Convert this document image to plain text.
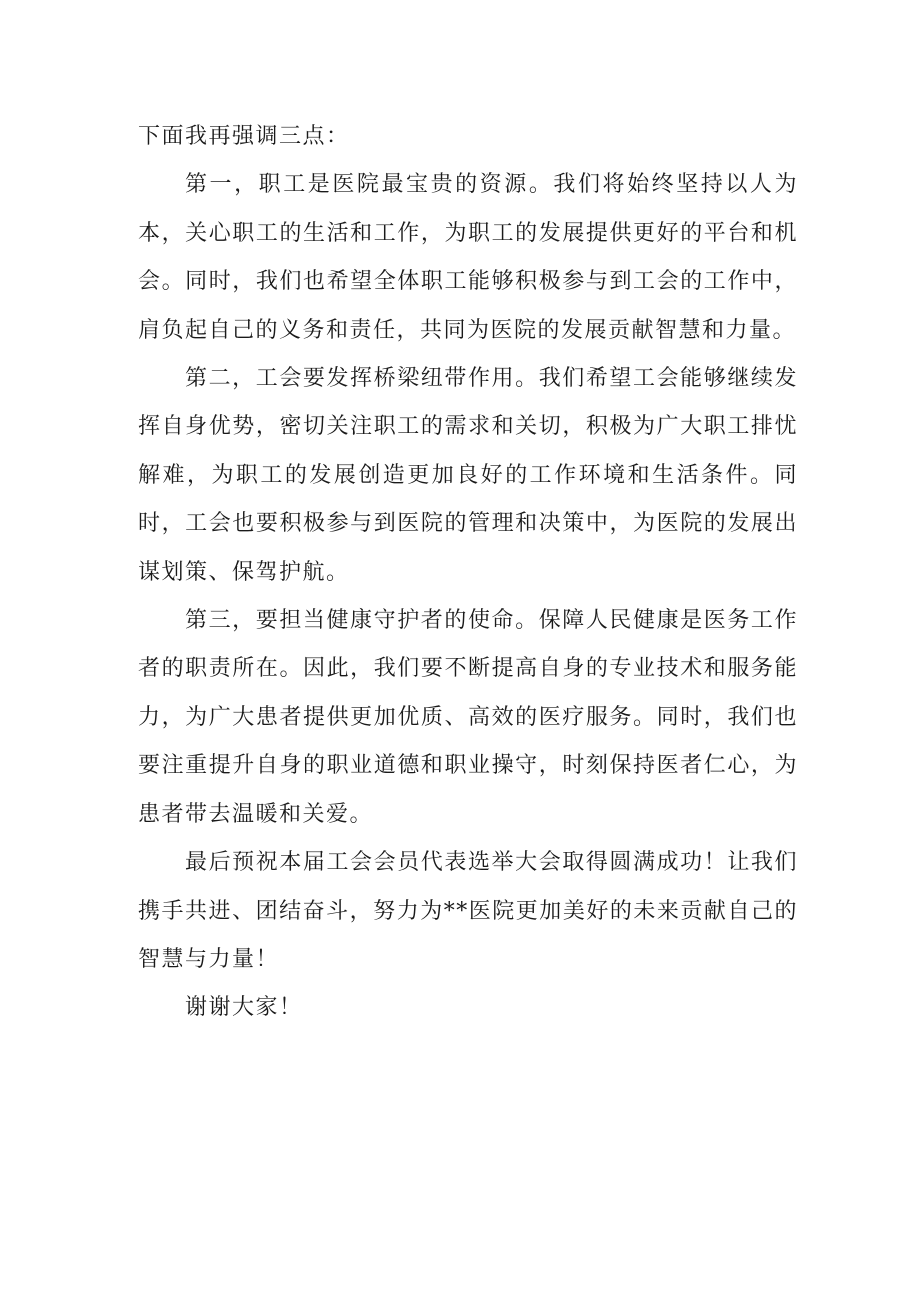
下面我再强调三点：

第一，职工是医院最宝贵的资源。我们将始终坚持以人为本，关心职工的生活和工作，为职工的发展提供更好的平台和机会。同时，我们也希望全体职工能够积极参与到工会的工作中，肩负起自己的义务和责任，共同为医院的发展贡献智慧和力量。

第二，工会要发挥桥梁纽带作用。我们希望工会能够继续发挥自身优势，密切关注职工的需求和关切，积极为广大职工排忧解难，为职工的发展创造更加良好的工作环境和生活条件。同时，工会也要积极参与到医院的管理和决策中，为医院的发展出谋划策、保驾护航。

第三，要担当健康守护者的使命。保障人民健康是医务工作者的职责所在。因此，我们要不断提高自身的专业技术和服务能力，为广大患者提供更加优质、高效的医疗服务。同时，我们也要注重提升自身的职业道德和职业操守，时刻保持医者仁心，为患者带去温暖和关爱。

最后预祝本届工会会员代表选举大会取得圆满成功！让我们携手共进、团结奋斗，努力为**医院更加美好的未来贡献自己的智慧与力量！

谢谢大家！
